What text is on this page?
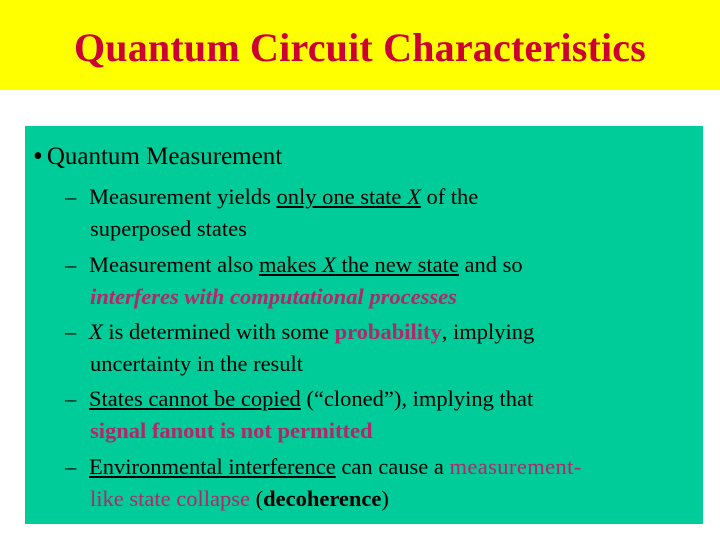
Quantum Circuit Characteristics
• Quantum Measurement
– Measurement yields only one state X of the
superposed states
– Measurement also makes X the new state and so
interferes with computational processes
– X is determined with some probability, implying
uncertainty in the result
– States cannot be copied (“cloned”), implying that
signal fanout is not permitted
– Environmental interference can cause a measurement-
like state collapse (decoherence)
